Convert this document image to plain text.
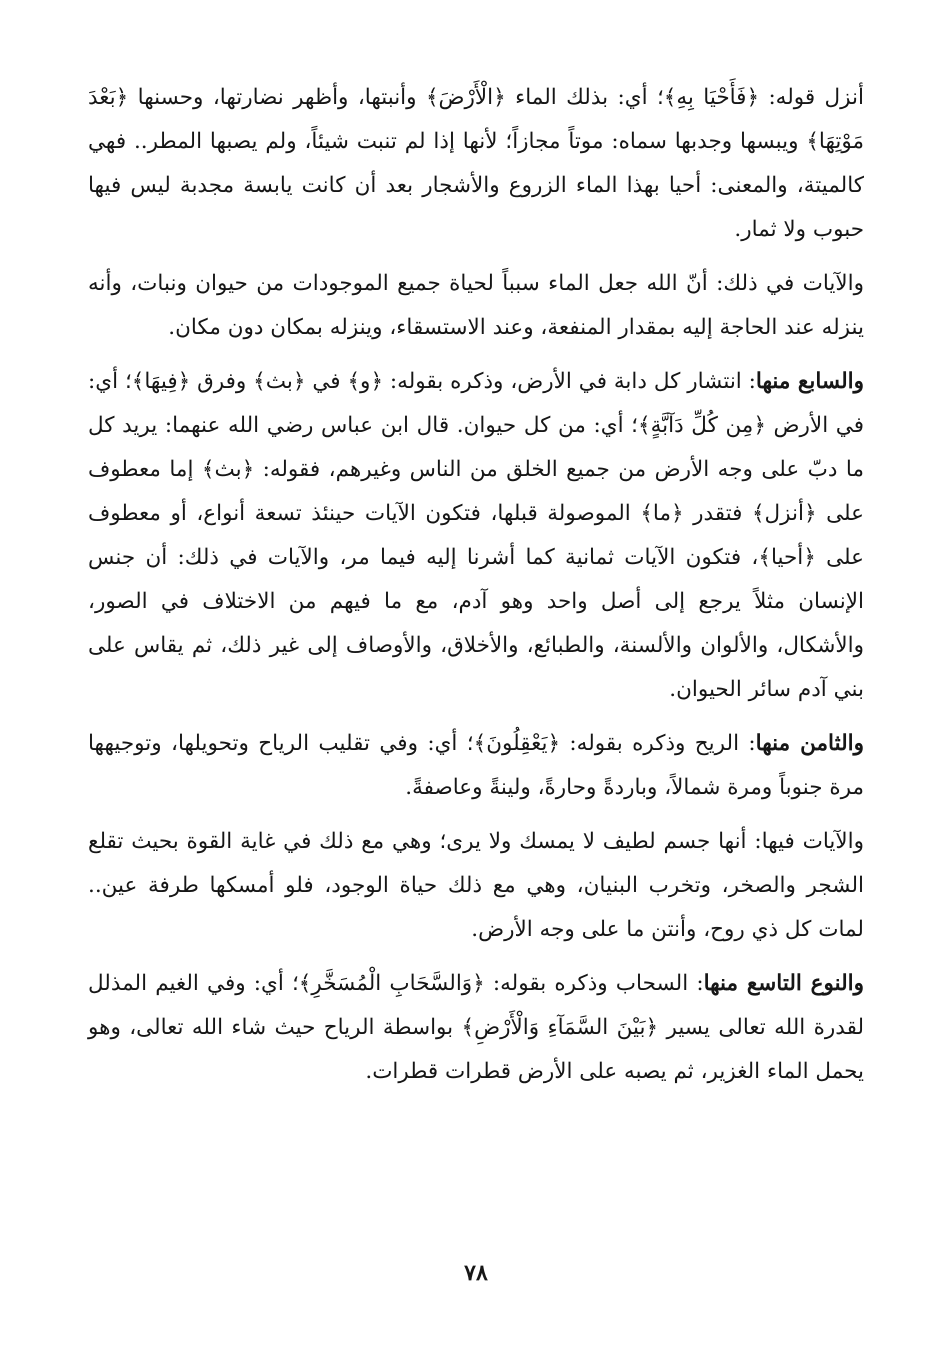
أنزل قوله: ﴿فَأَحْيَا بِهِ﴾؛ أي: بذلك الماء ﴿الْأَرْضَ﴾ وأنبتها، وأظهر نضارتها، وحسنها ﴿بَعْدَ مَوْتِهَا﴾ ويبسها وجدبها سماه: موتاً مجازاً؛ لأنها إذا لم تنبت شيئاً، ولم يصبها المطر.. فهي كالميتة، والمعنى: أحيا بهذا الماء الزروع والأشجار بعد أن كانت يابسة مجدبة ليس فيها حبوب ولا ثمار.

والآيات في ذلك: أنّ الله جعل الماء سبباً لحياة جميع الموجودات من حيوان ونبات، وأنه ينزله عند الحاجة إليه بمقدار المنفعة، وعند الاستسقاء، وينزله بمكان دون مكان.

والسابع منها: انتشار كل دابة في الأرض، وذكره بقوله: ﴿و﴾ في ﴿بث﴾ وفرق ﴿فِيهَا﴾؛ أي: في الأرض ﴿مِن كُلِّ دَآبَّةٍ﴾؛ أي: من كل حيوان. قال ابن عباس رضي الله عنهما: يريد كل ما دبّ على وجه الأرض من جميع الخلق من الناس وغيرهم، فقوله: ﴿بث﴾ إما معطوف على ﴿أنزل﴾ فتقدر ﴿ما﴾ الموصولة قبلها، فتكون الآيات حينئذ تسعة أنواع، أو معطوف على ﴿أحيا﴾، فتكون الآيات ثمانية كما أشرنا إليه فيما مر، والآيات في ذلك: أن جنس الإنسان مثلاً يرجع إلى أصل واحد وهو آدم، مع ما فيهم من الاختلاف في الصور، والأشكال، والألوان والألسنة، والطبائع، والأخلاق، والأوصاف إلى غير ذلك، ثم يقاس على بني آدم سائر الحيوان.

والثامن منها: الريح وذكره بقوله: ﴿يَعْقِلُونَ﴾؛ أي: وفي تقليب الرياح وتحويلها، وتوجيهها مرة جنوباً ومرة شمالاً، وباردةً وحارةً، ولينةً وعاصفةً.

والآيات فيها: أنها جسم لطيف لا يمسك ولا يرى؛ وهي مع ذلك في غاية القوة بحيث تقلع الشجر والصخر، وتخرب البنيان، وهي مع ذلك حياة الوجود، فلو أمسكها طرفة عين.. لمات كل ذي روح، وأنتن ما على وجه الأرض.

والنوع التاسع منها: السحاب وذكره بقوله: ﴿وَالسَّحَابِ الْمُسَخَّرِ﴾؛ أي: وفي الغيم المذلل لقدرة الله تعالى يسير ﴿بَيْنَ السَّمَآءِ وَالْأَرْضِ﴾ بواسطة الرياح حيث شاء الله تعالى، وهو يحمل الماء الغزير، ثم يصبه على الأرض قطرات قطرات.

٧٨
